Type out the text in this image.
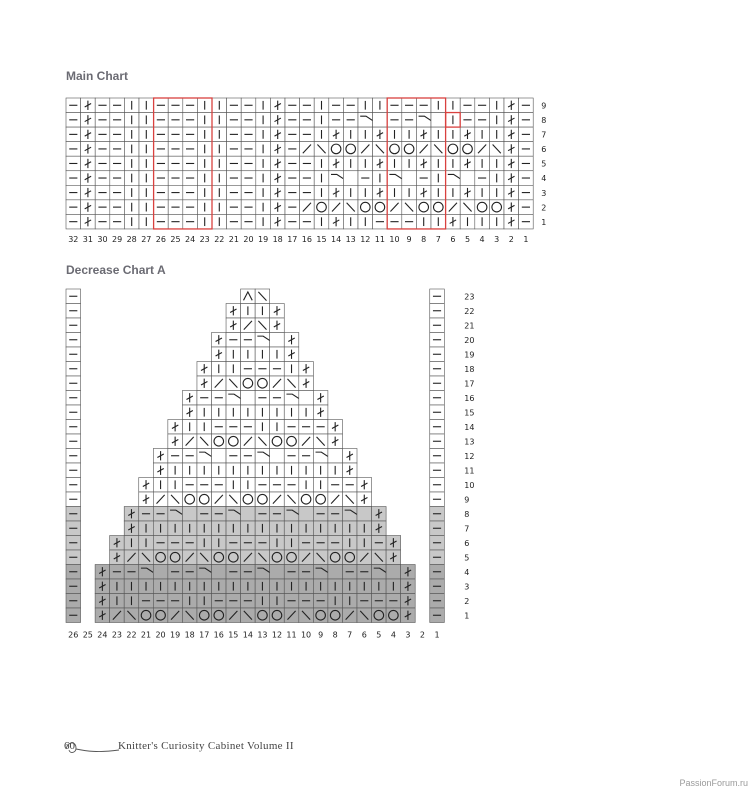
Main Chart
9
8
7
6
5
4
3
2
1
32 31 30 29 28 27 26 25 24 23 22 21 20 19 18 17 16 15 14 13 12 11 10 9 8 7 6 5 4 3 2 1
Decrease Chart A
23
22
21
20
19
18
17
16
15
14
13
12
11
10
9
8
7
6
5
4
3
2
1
26 25 24 23 22 21 20 19 18 17 16 15 14 13 12 11 10 9 8 7 6 5 4 3 2 1
60	Knitter's Curiosity Cabinet Volume II
PassionForum.ru
